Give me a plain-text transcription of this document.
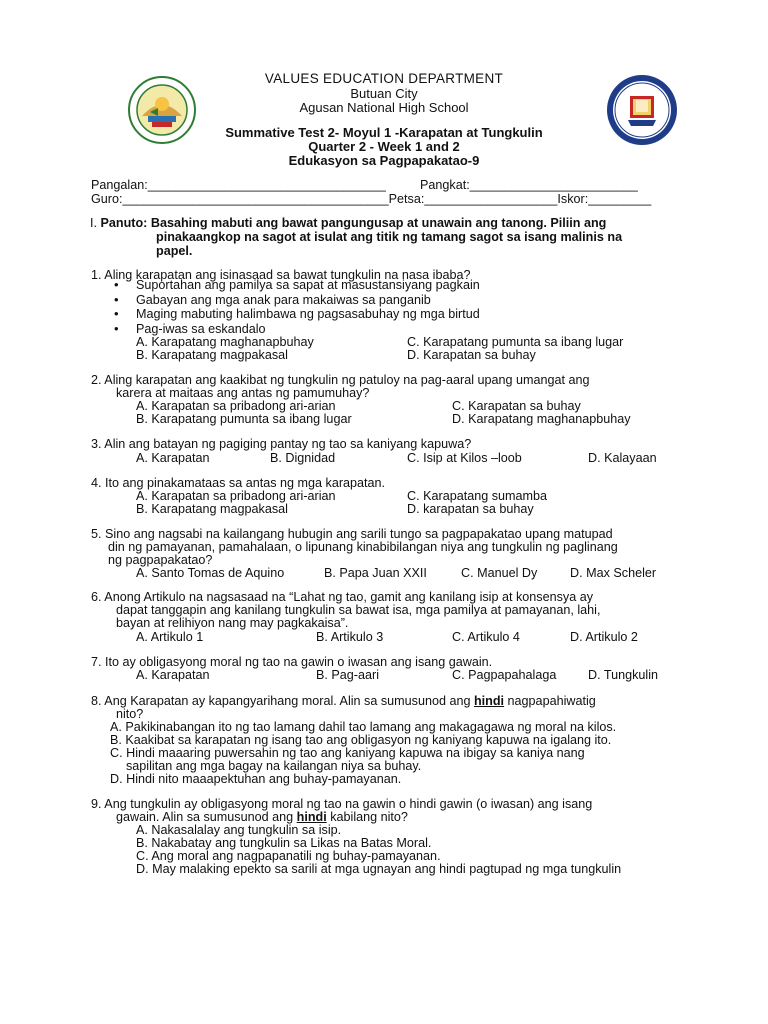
VALUES EDUCATION DEPARTMENT
Butuan City
Agusan National High School
Summative Test 2- Moyul 1 -Karapatan at Tungkulin
Quarter 2 - Week 1 and 2
Edukasyon sa Pagpapakatao-9
Pangalan:__________________________________	Pangkat:________________________
Guro:______________________________________Petsa:___________________Iskor:_________
I. Panuto: Basahing mabuti ang bawat pangungusap at unawain ang tanong. Piliin ang
pinakaangkop na sagot at isulat ang titik ng tamang sagot sa isang malinis na
papel.
1. Aling karapatan ang isinasaad sa bawat tungkulin na nasa ibaba?
• Suportahan ang pamilya sa sapat at masustansiyang pagkain
• Gabayan ang mga anak para makaiwas sa panganib
• Maging mabuting halimbawa ng pagsasabuhay ng mga birtud
• Pag-iwas sa eskandalo
A. Karapatang maghanapbuhay	C. Karapatang pumunta sa ibang lugar
B. Karapatang magpakasal	D. Karapatan sa buhay
2. Aling karapatan ang kaakibat ng tungkulin ng patuloy na pag-aaral upang umangat ang
karera at maitaas ang antas ng pamumuhay?
A. Karapatan sa pribadong ari-arian	C. Karapatan sa buhay
B. Karapatang pumunta sa ibang lugar	D. Karapatang maghanapbuhay
3. Alin ang batayan ng pagiging pantay ng tao sa kaniyang kapuwa?
A. Karapatan	B. Dignidad	C. Isip at Kilos –loob	D. Kalayaan
4. Ito ang pinakamataas sa antas ng mga karapatan.
A. Karapatan sa pribadong ari-arian	C. Karapatang sumamba
B. Karapatang magpakasal	D. karapatan sa buhay
5. Sino ang nagsabi na kailangang hubugin ang sarili tungo sa pagpapakatao upang matupad
din ng pamayanan, pamahalaan, o lipunang kinabibilangan niya ang tungkulin ng paglinang
ng pagpapakatao?
A. Santo Tomas de Aquino	B. Papa Juan XXII	C. Manuel Dy	D. Max Scheler
6. Anong Artikulo na nagsasaad na “Lahat ng tao, gamit ang kanilang isip at konsensya ay
dapat tanggapin ang kanilang tungkulin sa bawat isa, mga pamilya at pamayanan, lahi,
bayan at relihiyon nang may pagkakaisa”.
A. Artikulo 1	B. Artikulo 3	C. Artikulo 4	D. Artikulo 2
7. Ito ay obligasyong moral ng tao na gawin o iwasan ang isang gawain.
A. Karapatan	B. Pag-aari	C. Pagpapahalaga	D. Tungkulin
8. Ang Karapatan ay kapangyarihang moral. Alin sa sumusunod ang hindi nagpapahiwatig
nito?
A. Pakikinabangan ito ng tao lamang dahil tao lamang ang makagagawa ng moral na kilos.
B. Kaakibat sa karapatan ng isang tao ang obligasyon ng kaniyang kapuwa na igalang ito.
C. Hindi maaaring puwersahin ng tao ang kaniyang kapuwa na ibigay sa kaniya nang
sapilitan ang mga bagay na kailangan niya sa buhay.
D. Hindi nito maaapektuhan ang buhay-pamayanan.
9. Ang tungkulin ay obligasyong moral ng tao na gawin o hindi gawin (o iwasan) ang isang
gawain. Alin sa sumusunod ang hindi kabilang nito?
A. Nakasalalay ang tungkulin sa isip.
B. Nakabatay ang tungkulin sa Likas na Batas Moral.
C. Ang moral ang nagpapanatili ng buhay-pamayanan.
D. May malaking epekto sa sarili at mga ugnayan ang hindi pagtupad ng mga tungkulin
